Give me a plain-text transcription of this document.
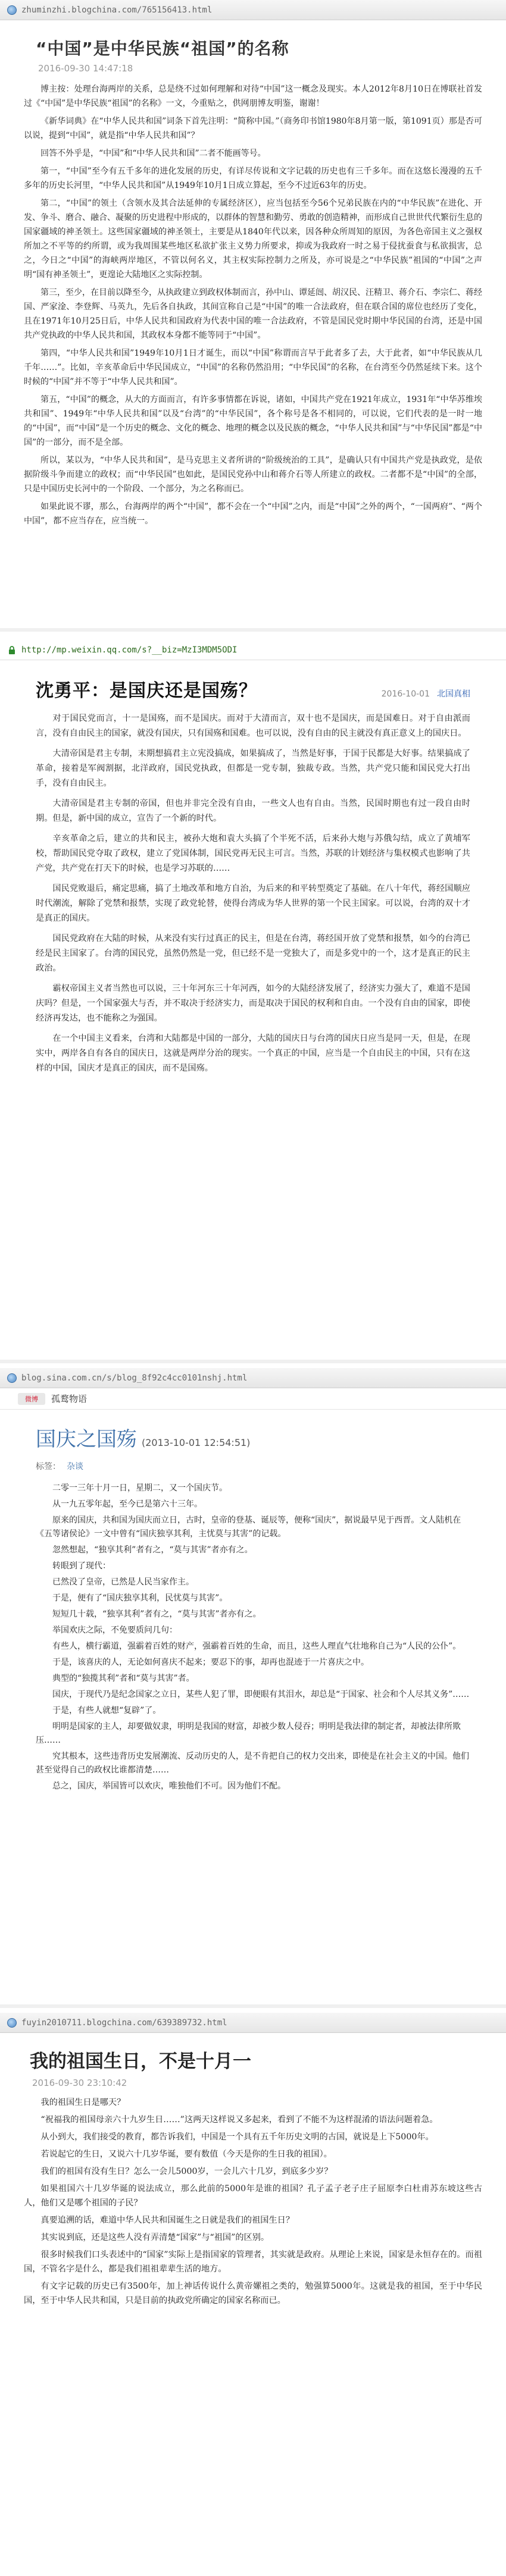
zhuminzhi.blogchina.com/765156413.html
“中国”是中华民族“祖国”的名称
2016-09-30 14:47:18

博主按：处理台海两岸的关系，总是绕不过如何理解和对待“中国”这一概念及现实。本人2012年8月10日在博联社首发过《“中国”是中华民族“祖国”的名称》一文，今重贴之，供网朋博友明鉴，谢谢！

《新华词典》在“中华人民共和国”词条下首先注明：“简称中国。”（商务印书馆1980年8月第一版，第1091页）那是否可以说，提到“中国”，就是指“中华人民共和国”？

回答不外乎是，“中国”和“中华人民共和国”二者不能画等号。

第一，“中国”至今有五千多年的进化发展的历史，有详尽传说和文字记载的历史也有三千多年。而在这悠长漫漫的五千多年的历史长河里，“中华人民共和国”从1949年10月1日成立算起，至今不过近63年的历史。

第二，“中国”的领土（含领水及其合法延伸的专属经济区），应当包括至今56个兄弟民族在内的“中华民族”在进化、开发、争斗、磨合、融合、凝聚的历史进程中形成的，以群体的智慧和勤劳、勇敢的创造精神，而形成自己世世代代繁衍生息的国家疆域的神圣领土。这些国家疆域的神圣领土，主要是从1840年代以来，因各种众所周知的原因，为各色帝国主义之强权所加之不平等的约所谓，或为我周围某些地区私欲扩张主义势力所要求，抑或为我政府一时之易于侵扰蚕食与私欲损害，总之，今日之“中国”的海峡两岸地区，不管以何名义，其主权实际控制力之所及，亦可说是之“中华民族”祖国的“中国”之声明“国有神圣领土”，更遑论大陆地区之实际控制。

第三，至少，在目前以降至今，从执政建立到政权体制而言，孙中山、谭延闿、胡汉民、汪精卫、蒋介石、李宗仁、蒋经国、严家淦、李登辉、马英九，先后各自执政，其间宣称自己是“中国”的唯一合法政府，但在联合国的席位也经历了变化，且在1971年10月25日后，中华人民共和国政府为代表中国的唯一合法政府，不管是国民党时期中华民国的台湾，还是中国共产党执政的中华人民共和国，其政权本身都不能等同于“中国”。

第四，“中华人民共和国”1949年10月1日才诞生，而以“中国”称谓而言早于此者多了去，大于此者，如“中华民族从几千年……”。比如，辛亥革命后中华民国成立，“中国”的名称仍然沿用；“中华民国”的名称，在台湾至今仍然延续下来。这个时候的“中国”并不等于“中华人民共和国”。

第五，“中国”的概念，从大的方面而言，有许多事情都在诉说，诸如，中国共产党在1921年成立，1931年“中华苏维埃共和国”、1949年“中华人民共和国”以及“台湾”的“中华民国”，各个称号是各不相同的，可以说，它们代表的是一时一地的“中国”，而“中国”是一个历史的概念、文化的概念、地理的概念以及民族的概念，“中华人民共和国”与“中华民国”都是“中国”的一部分，而不是全部。

所以，某以为，“中华人民共和国”，是马克思主义者所讲的“阶级统治的工具”，是确认只有中国共产党是执政党，是依据阶级斗争而建立的政权；而“中华民国”也如此，是国民党孙中山和蒋介石等人所建立的政权。二者都不是“中国”的全部，只是中国历史长河中的一个阶段、一个部分，为之名称而已。

如果此说不谬，那么，台海两岸的两个“中国”，都不会在一个“中国”之内，而是“中国”之外的两个，“一国两府”、“两个中国”，都不应当存在，应当统一。

http://mp.weixin.qq.com/s?__biz=MzI3MDM5ODI
沈勇平：是国庆还是国殇？	2016-10-01 北国真相

对于国民党而言，十一是国殇，而不是国庆。而对于大清而言，双十也不是国庆，而是国难日。对于自由派而言，没有自由民主的国家，就没有国庆，只有国殇和国难。也可以说，没有自由的民主就没有真正意义上的国庆日。

大清帝国是君主专制，末期想搞君主立宪没搞成，如果搞成了，当然是好事，于国于民都是大好事。结果搞成了革命，接着是军阀割据，北洋政府，国民党执政，但都是一党专制，独裁专政。当然，共产党只能和国民党大打出手，没有自由民主。

大清帝国是君主专制的帝国，但也并非完全没有自由，一些文人也有自由。当然，民国时期也有过一段自由时期。但是，新中国的成立，宣告了一个新的时代。

辛亥革命之后，建立的共和民主，被孙大炮和袁大头搞了个半死不活，后来孙大炮与苏俄勾结，成立了黄埔军校，帮助国民党夺取了政权，建立了党国体制，国民党再无民主可言。当然，苏联的计划经济与集权模式也影响了共产党，共产党在打天下的时候，也是学习苏联的……

国民党败退后，痛定思痛，搞了土地改革和地方自治，为后来的和平转型奠定了基础。在八十年代，蒋经国顺应时代潮流，解除了党禁和报禁，实现了政党轮替，使得台湾成为华人世界的第一个民主国家。可以说，台湾的双十才是真正的国庆。

国民党政府在大陆的时候，从来没有实行过真正的民主，但是在台湾，蒋经国开放了党禁和报禁，如今的台湾已经是民主国家了。台湾的国民党，虽然仍然是一党，但已经不是一党独大了，而是多党中的一个，这才是真正的民主政治。

霸权帝国主义者当然也可以说，三十年河东三十年河西，如今的大陆经济发展了，经济实力强大了，难道不是国庆吗？但是，一个国家强大与否，并不取决于经济实力，而是取决于国民的权利和自由。一个没有自由的国家，即使经济再发达，也不能称之为强国。

在一个中国主义看来，台湾和大陆都是中国的一部分，大陆的国庆日与台湾的国庆日应当是同一天，但是，在现实中，两岸各自有各自的国庆日，这就是两岸分治的现实。一个真正的中国，应当是一个自由民主的中国，只有在这样的中国，国庆才是真正的国庆，而不是国殇。

blog.sina.com.cn/s/blog_8f92c4cc0101nshj.html
微博	孤鹜物语
国庆之国殇 (2013-10-01 12:54:51)
标签： 杂谈

二零一三年十月一日，星期二，又一个国庆节。

从一九五零年起，至今已是第六十三年。

原来的国庆，共和国为国庆而立日，古时，皇帝的登基、诞辰等，便称“国庆”，据说最早见于西晋。文人陆机在《五等诸侯论》一文中曾有“国庆独享其利，主忧莫与其害”的记载。

忽然想起，“独享其利”者有之，“莫与其害”者亦有之。

转眼到了现代：

已然没了皇帝，已然是人民当家作主。

于是，便有了“国庆独享其利，民忧莫与其害”。

短短几十载，“独享其利”者有之，“莫与其害”者亦有之。

举国欢庆之际，不免要质问几句：

有些人，横行霸道，强霸着百姓的财产，强霸着百姓的生命，而且，这些人理直气壮地称自己为“人民的公仆”。

于是，该喜庆的人，无论如何喜庆不起来；要忍下的事，却再也混迹于一片喜庆之中。

典型的“独揽其利”者和“莫与其害”者。

国庆，于现代乃是纪念国家之立日，某些人犯了罪，即便眼有其泪水，却总是“于国家、社会和个人尽其义务”……

于是，有些人就想“复辟”了。

明明是国家的主人，却要做奴隶，明明是我国的财富，却被少数人侵吞；明明是我法律的制定者，却被法律所欺压……

究其根本，这些违背历史发展潮流、反动历史的人，是不肯把自己的权力交出来，即使是在社会主义的中国。他们甚至觉得自己的政权比谁都清楚……

总之，国庆，举国皆可以欢庆，唯独他们不可。因为他们不配。

fuyin2010711.blogchina.com/639389732.html
我的祖国生日，不是十月一
2016-09-30 23:10:42

我的祖国生日是哪天？

“祝福我的祖国母亲六十九岁生日……”这两天这样说又多起来，看到了不能不为这样混淆的语法问题着急。

从小到大，我们接受的教育，都告诉我们，中国是一个具有五千年历史文明的古国，就说是上下5000年。

若说起它的生日，又说六十几岁华诞，要有数值（今天是你的生日我的祖国）。

我们的祖国有没有生日？怎么一会儿5000岁，一会儿六十几岁，到底多少岁？

如果祖国六十几岁华诞的说法成立，那么此前的5000年是谁的祖国？孔子孟子老子庄子屈原李白杜甫苏东坡这些古人，他们又是哪个祖国的子民？

真要追溯的话，难道中华人民共和国诞生之日就是我们的祖国生日？

其实说到底，还是这些人没有弄清楚“国家”与“祖国”的区别。

很多时候我们口头表述中的“国家”实际上是指国家的管理者，其实就是政府。从理论上来说，国家是永恒存在的。而祖国，不管名字是什么，都是我们祖祖辈辈生活的地方。

有文字记载的历史已有3500年，加上神话传说什么黄帝嫘祖之类的，勉强算5000年。这就是我的祖国，至于中华民国，至于中华人民共和国，只是目前的执政党所确定的国家名称而已。
